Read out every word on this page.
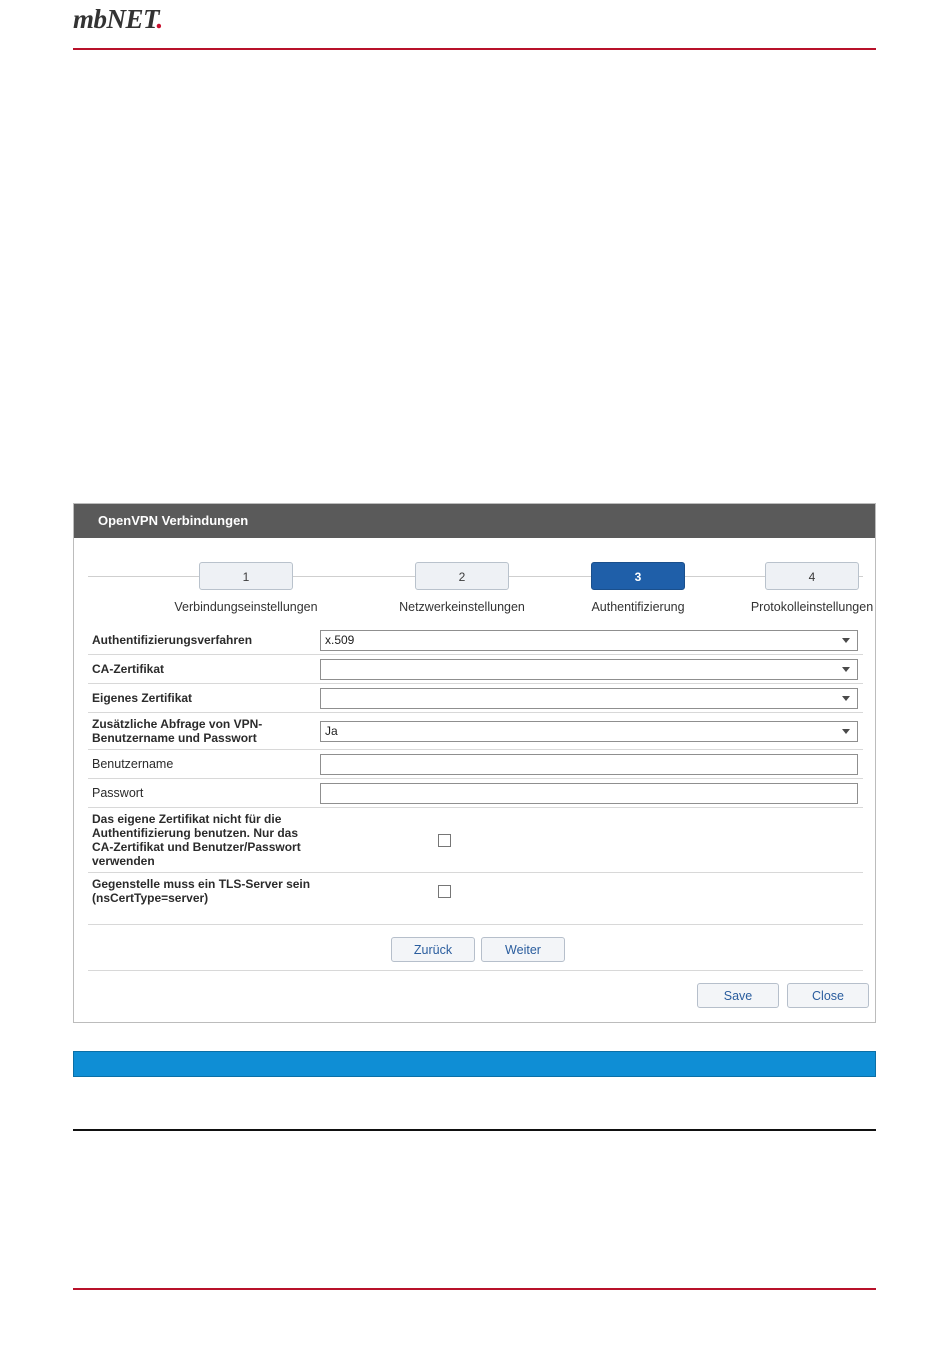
mbNET.
OpenVPN Verbindungen
1
Verbindungseinstellungen
2
Netzwerkeinstellungen
3
Authentifizierung
4
Protokolleinstellungen
Authentifizierungsverfahren
x.509
CA-Zertifikat
Eigenes Zertifikat
Zusätzliche Abfrage von VPN-Benutzername und Passwort
Ja
Benutzername
Passwort
Das eigene Zertifikat nicht für die Authentifizierung benutzen. Nur das CA-Zertifikat und Benutzer/Passwort verwenden
Gegenstelle muss ein TLS-Server sein (nsCertType=server)
Zurück	Weiter
Save	Close
